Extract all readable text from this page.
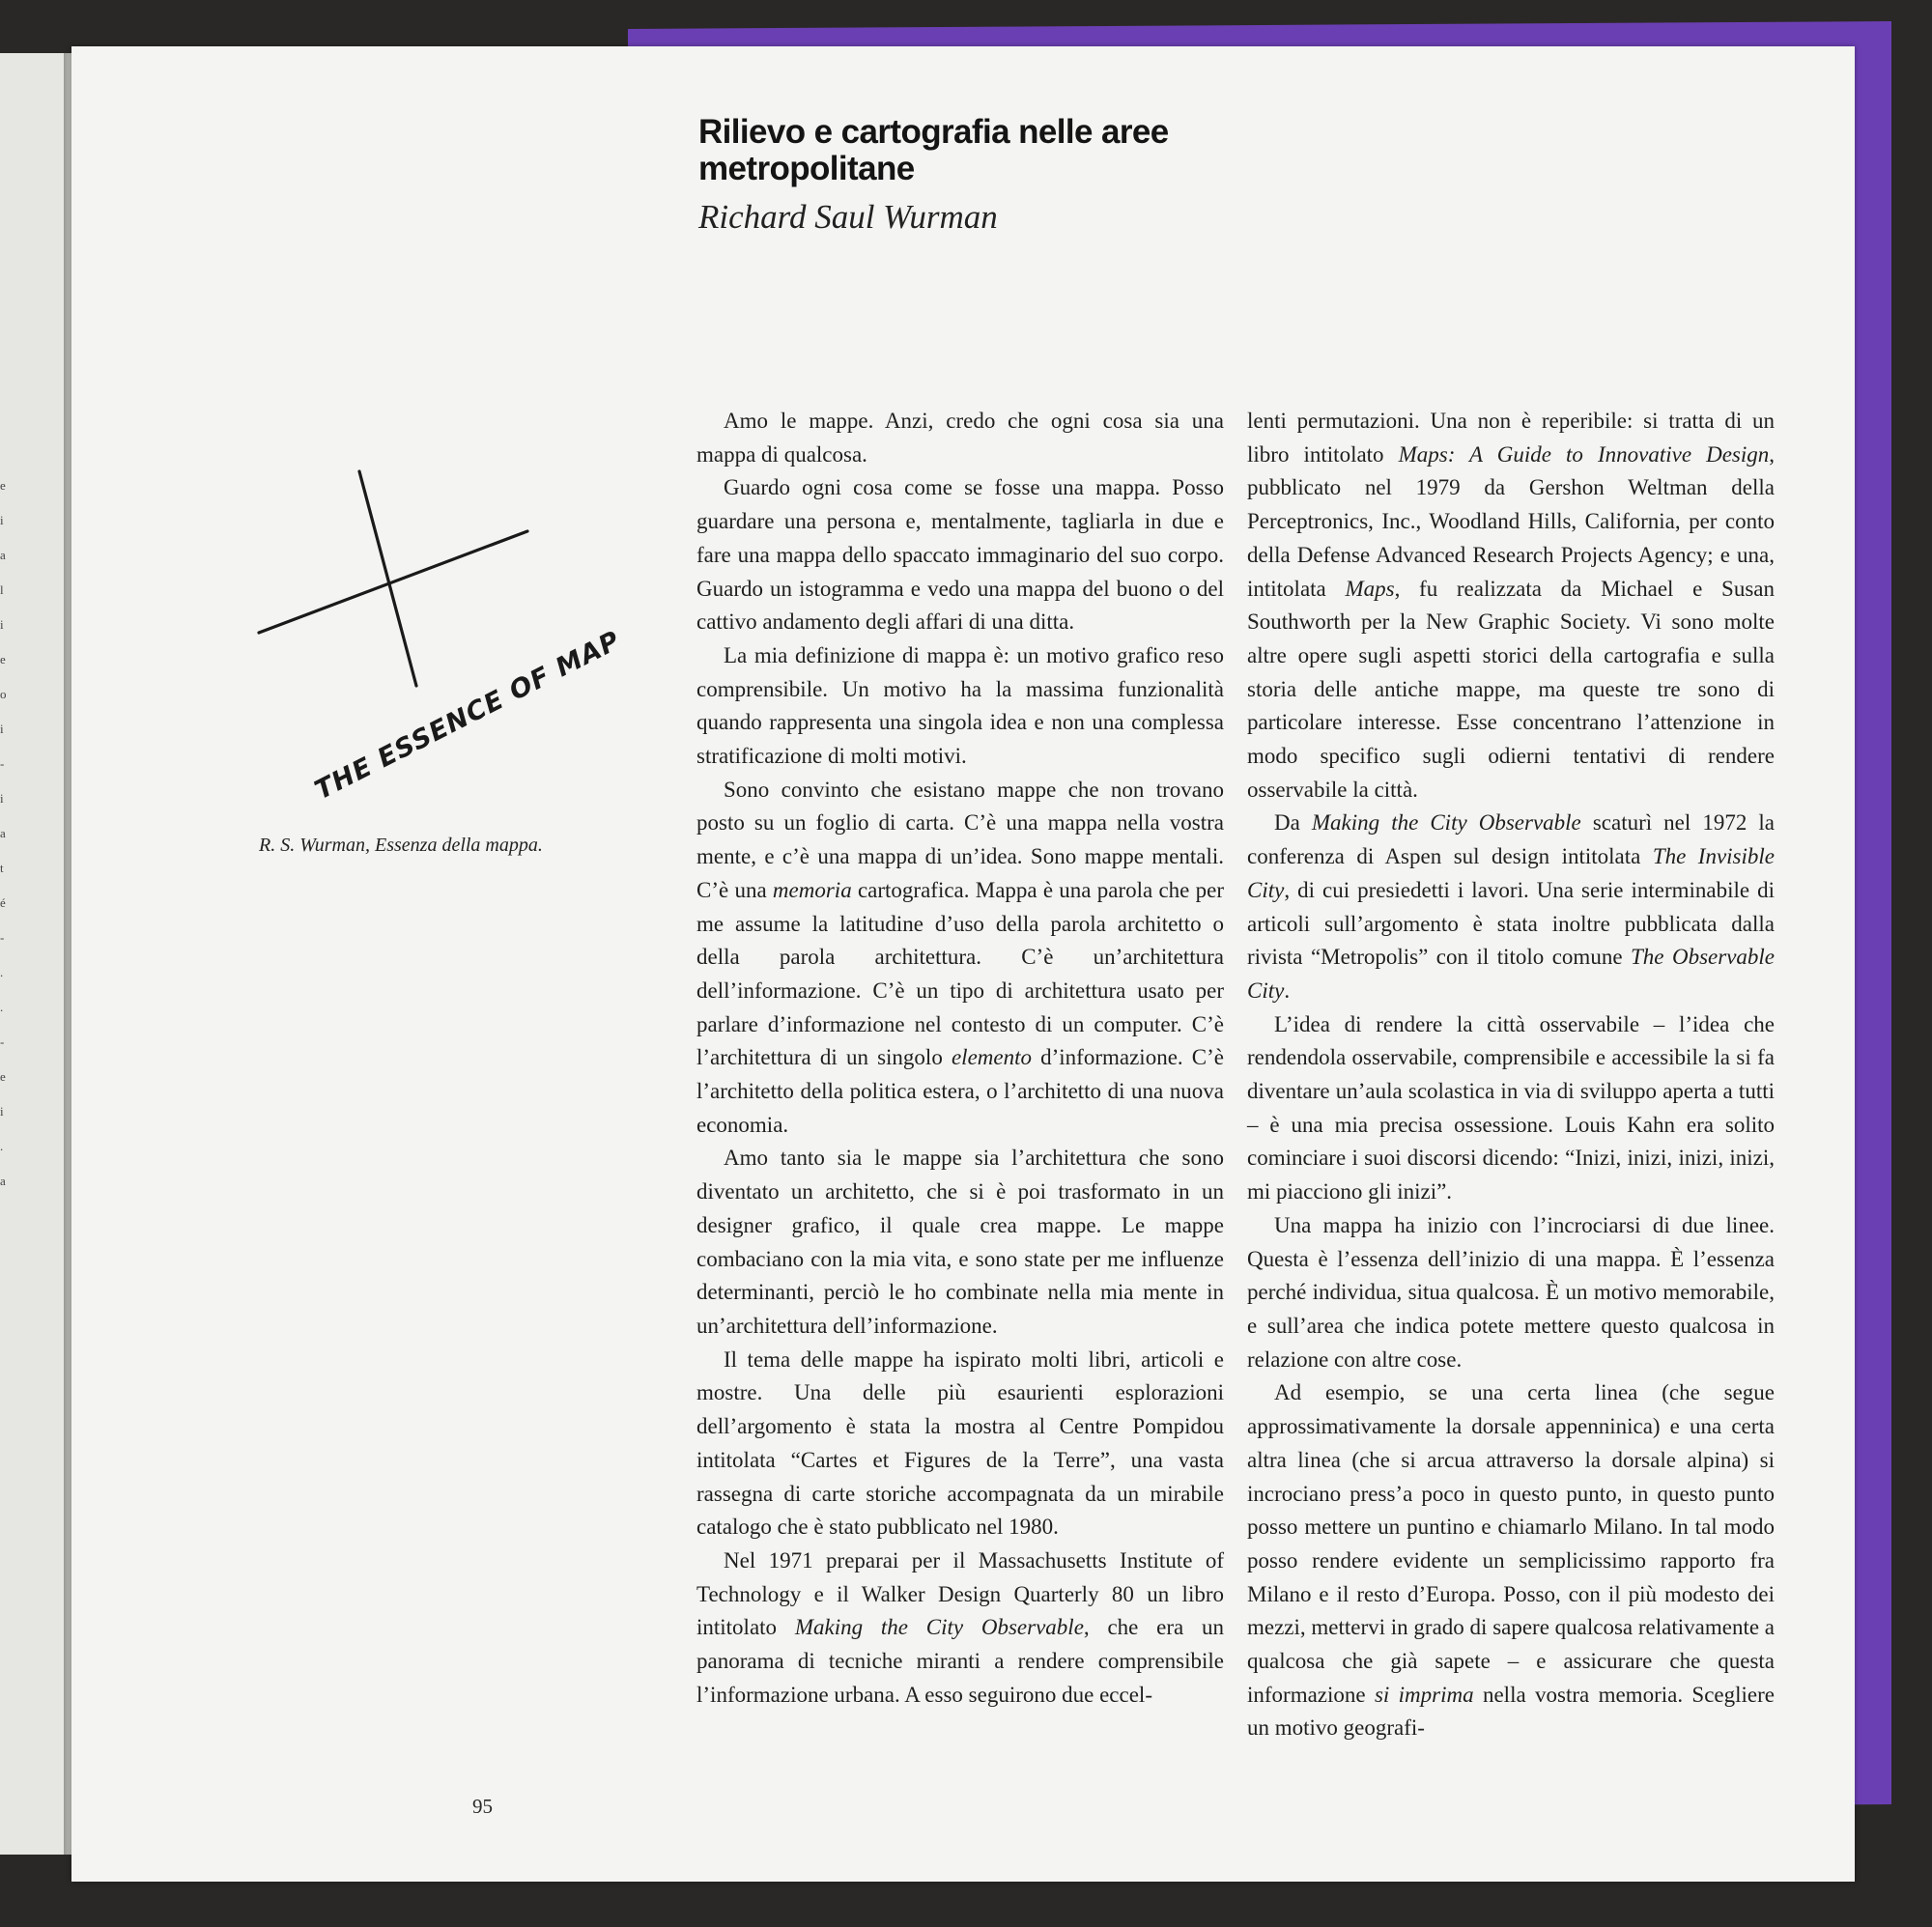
e
i
a
l
i
e
o
i
-
i
a
t
é
-
.
.
-
e
i
.
a
Rilievo e cartografia nelle aree metropolitane
Richard Saul Wurman
THE ESSENCE OF MAP
R. S. Wurman, Essenza della mappa.

Amo le mappe. Anzi, credo che ogni cosa sia una mappa di qualcosa.

Guardo ogni cosa come se fosse una mappa. Posso guardare una persona e, mentalmente, tagliarla in due e fare una mappa dello spaccato immaginario del suo corpo. Guardo un istogramma e vedo una mappa del buono o del cattivo andamento degli affari di una ditta.

La mia definizione di mappa è: un motivo grafico reso comprensibile. Un motivo ha la massima funzionalità quando rappresenta una singola idea e non una complessa stratificazione di molti motivi.

Sono convinto che esistano mappe che non trovano posto su un foglio di carta. C’è una mappa nella vostra mente, e c’è una mappa di un’idea. Sono mappe mentali. C’è una memoria cartografica. Mappa è una parola che per me assume la latitudine d’uso della parola architetto o della parola architettura. C’è un’architettura dell’informazione. C’è un tipo di architettura usato per parlare d’informazione nel contesto di un computer. C’è l’architettura di un singolo elemento d’informazione. C’è l’architetto della politica estera, o l’architetto di una nuova economia.

Amo tanto sia le mappe sia l’architettura che sono diventato un architetto, che si è poi trasformato in un designer grafico, il quale crea mappe. Le mappe combaciano con la mia vita, e sono state per me influenze determinanti, perciò le ho combinate nella mia mente in un’architettura dell’informazione.

Il tema delle mappe ha ispirato molti libri, articoli e mostre. Una delle più esaurienti esplorazioni dell’argomento è stata la mostra al Centre Pompidou intitolata “Cartes et Figures de la Terre”, una vasta rassegna di carte storiche accompagnata da un mirabile catalogo che è stato pubblicato nel 1980.

Nel 1971 preparai per il Massachusetts Institute of Technology e il Walker Design Quarterly 80 un libro intitolato Making the City Observable, che era un panorama di tecniche miranti a rendere comprensibile l’informazione urbana. A esso seguirono due eccel-

lenti permutazioni. Una non è reperibile: si tratta di un libro intitolato Maps: A Guide to Innovative Design, pubblicato nel 1979 da Gershon Weltman della Perceptronics, Inc., Woodland Hills, California, per conto della Defense Advanced Research Projects Agency; e una, intitolata Maps, fu realizzata da Michael e Susan Southworth per la New Graphic Society. Vi sono molte altre opere sugli aspetti storici della cartografia e sulla storia delle antiche mappe, ma queste tre sono di particolare interesse. Esse concentrano l’attenzione in modo specifico sugli odierni tentativi di rendere osservabile la città.

Da Making the City Observable scaturì nel 1972 la conferenza di Aspen sul design intitolata The Invisible City, di cui presiedetti i lavori. Una serie interminabile di articoli sull’argomento è stata inoltre pubblicata dalla rivista “Metropolis” con il titolo comune The Observable City.

L’idea di rendere la città osservabile – l’idea che rendendola osservabile, comprensibile e accessibile la si fa diventare un’aula scolastica in via di sviluppo aperta a tutti – è una mia precisa ossessione. Louis Kahn era solito cominciare i suoi discorsi dicendo: “Inizi, inizi, inizi, inizi, mi piacciono gli inizi”.

Una mappa ha inizio con l’incrociarsi di due linee. Questa è l’essenza dell’inizio di una mappa. È l’essenza perché individua, situa qualcosa. È un motivo memorabile, e sull’area che indica potete mettere questo qualcosa in relazione con altre cose.

Ad esempio, se una certa linea (che segue approssimativamente la dorsale appenninica) e una certa altra linea (che si arcua attraverso la dorsale alpina) si incrociano press’a poco in questo punto, in questo punto posso mettere un puntino e chiamarlo Milano. In tal modo posso rendere evidente un semplicissimo rapporto fra Milano e il resto d’Europa. Posso, con il più modesto dei mezzi, mettervi in grado di sapere qualcosa relativamente a qualcosa che già sapete – e assicurare che questa informazione si imprima nella vostra memoria. Scegliere un motivo geografi-

95
